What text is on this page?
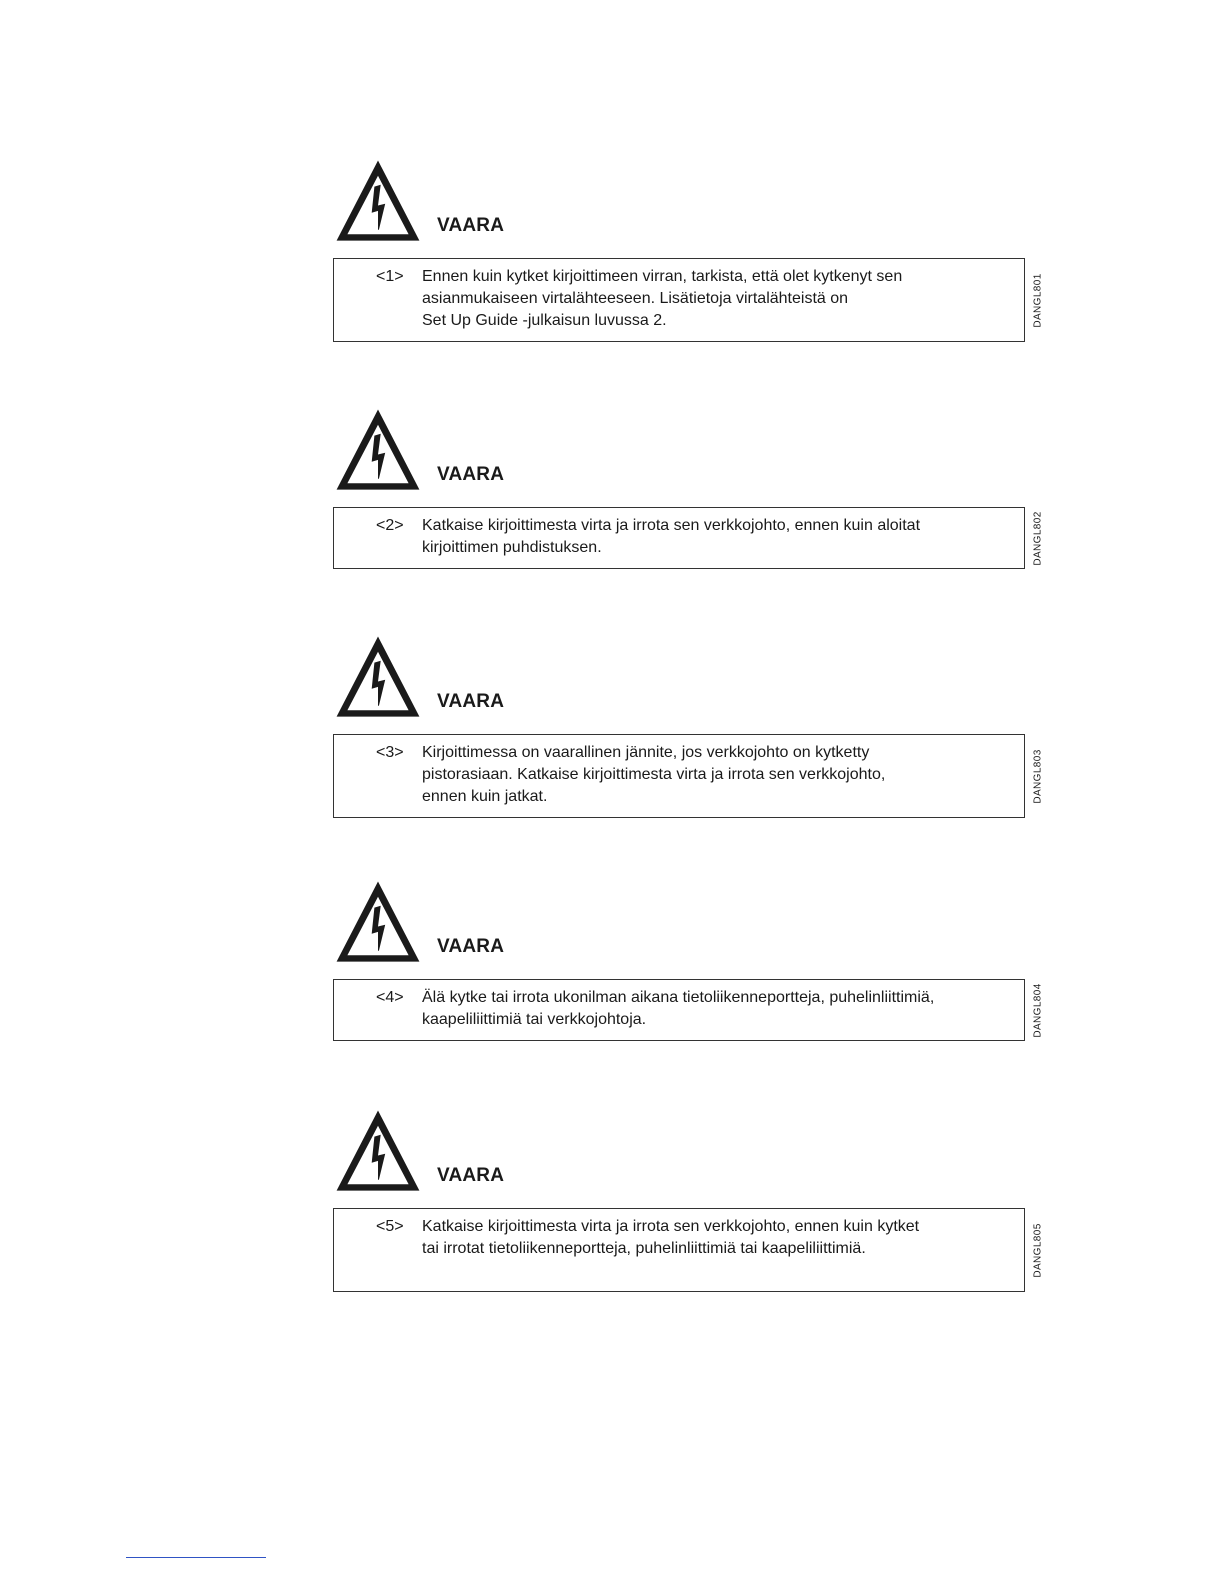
VAARA
<1>	Ennen kuin kytket kirjoittimeen virran, tarkista, että olet kytkenyt sen
asianmukaiseen virtalähteeseen. Lisätietoja virtalähteistä on
Set Up Guide -julkaisun luvussa 2.	DANGL801
VAARA
<2>	Katkaise kirjoittimesta virta ja irrota sen verkkojohto, ennen kuin aloitat
kirjoittimen puhdistuksen.	DANGL802
VAARA
<3>	Kirjoittimessa on vaarallinen jännite, jos verkkojohto on kytketty
pistorasiaan. Katkaise kirjoittimesta virta ja irrota sen verkkojohto,
ennen kuin jatkat.	DANGL803
VAARA
<4>	Älä kytke tai irrota ukonilman aikana tietoliikenneportteja, puhelinliittimiä,
kaapeliliittimiä tai verkkojohtoja.	DANGL804
VAARA
<5>	Katkaise kirjoittimesta virta ja irrota sen verkkojohto, ennen kuin kytket
tai irrotat tietoliikenneportteja, puhelinliittimiä tai kaapeliliittimiä.	DANGL805
